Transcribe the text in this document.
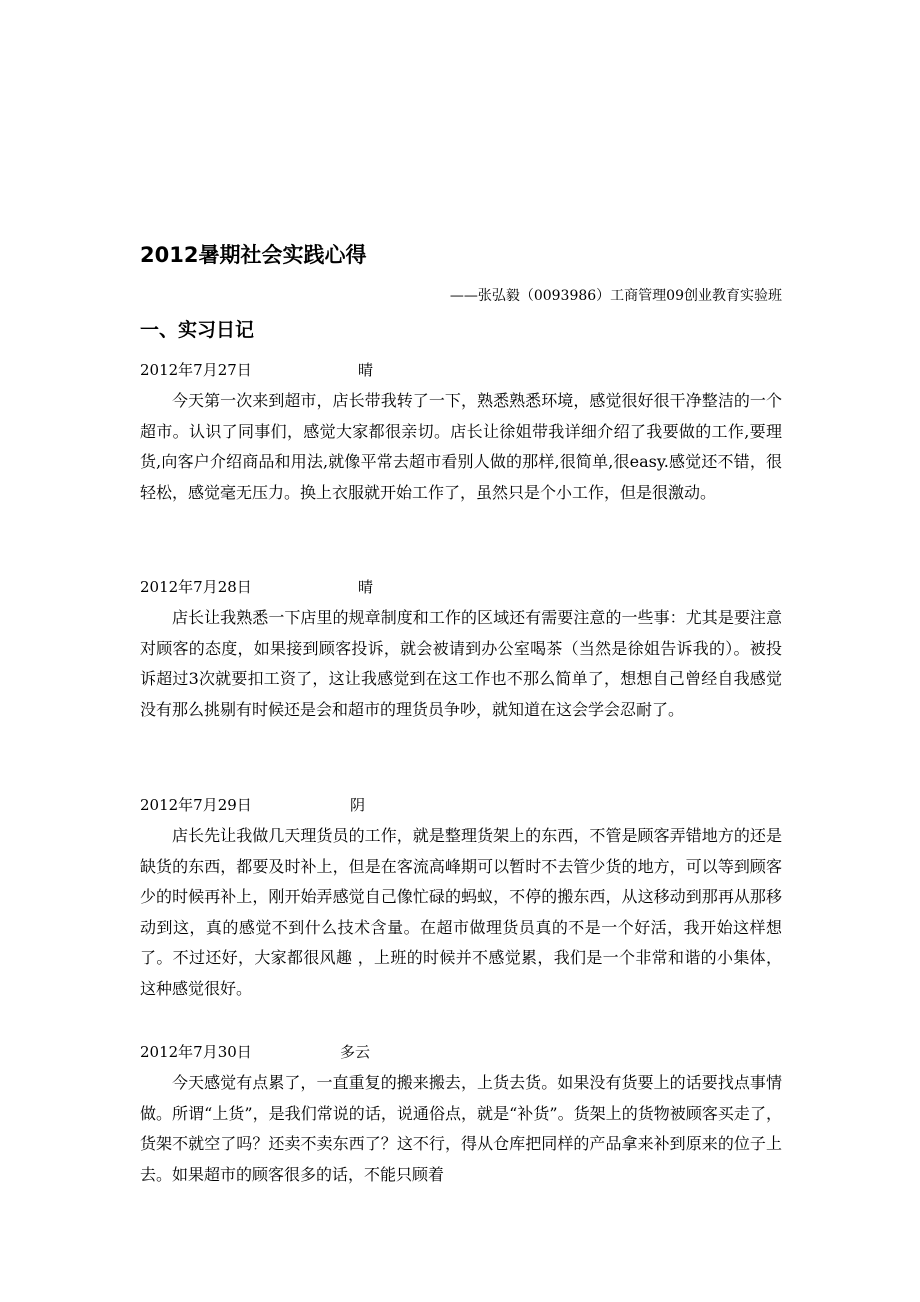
2012暑期社会实践心得
——张弘毅（0093986）工商管理09创业教育实验班
一、实习日记
2012年7月27日	晴

今天第一次来到超市，店长带我转了一下，熟悉熟悉环境，感觉很好很干净整洁的一个超市。认识了同事们，感觉大家都很亲切。店长让徐姐带我详细介绍了我要做的工作,要理货,向客户介绍商品和用法,就像平常去超市看别人做的那样,很简单,很easy.感觉还不错，很轻松，感觉毫无压力。换上衣服就开始工作了，虽然只是个小工作，但是很激动。

2012年7月28日	晴

店长让我熟悉一下店里的规章制度和工作的区域还有需要注意的一些事：尤其是要注意对顾客的态度，如果接到顾客投诉，就会被请到办公室喝茶（当然是徐姐告诉我的）。被投诉超过3次就要扣工资了，这让我感觉到在这工作也不那么简单了，想想自己曾经自我感觉没有那么挑剔有时候还是会和超市的理货员争吵，就知道在这会学会忍耐了。

2012年7月29日	阴

店长先让我做几天理货员的工作，就是整理货架上的东西，不管是顾客弄错地方的还是缺货的东西，都要及时补上，但是在客流高峰期可以暂时不去管少货的地方，可以等到顾客少的时候再补上，刚开始弄感觉自己像忙碌的蚂蚁，不停的搬东西，从这移动到那再从那移动到这，真的感觉不到什么技术含量。在超市做理货员真的不是一个好活，我开始这样想了。不过还好，大家都很风趣 ，上班的时候并不感觉累，我们是一个非常和谐的小集体，这种感觉很好。

2012年7月30日	多云

今天感觉有点累了，一直重复的搬来搬去，上货去货。如果没有货要上的话要找点事情做。所谓“上货”，是我们常说的话，说通俗点，就是“补货”。货架上的货物被顾客买走了，货架不就空了吗？还卖不卖东西了？这不行，得从仓库把同样的产品拿来补到原来的位子上去。如果超市的顾客很多的话，不能只顾着
